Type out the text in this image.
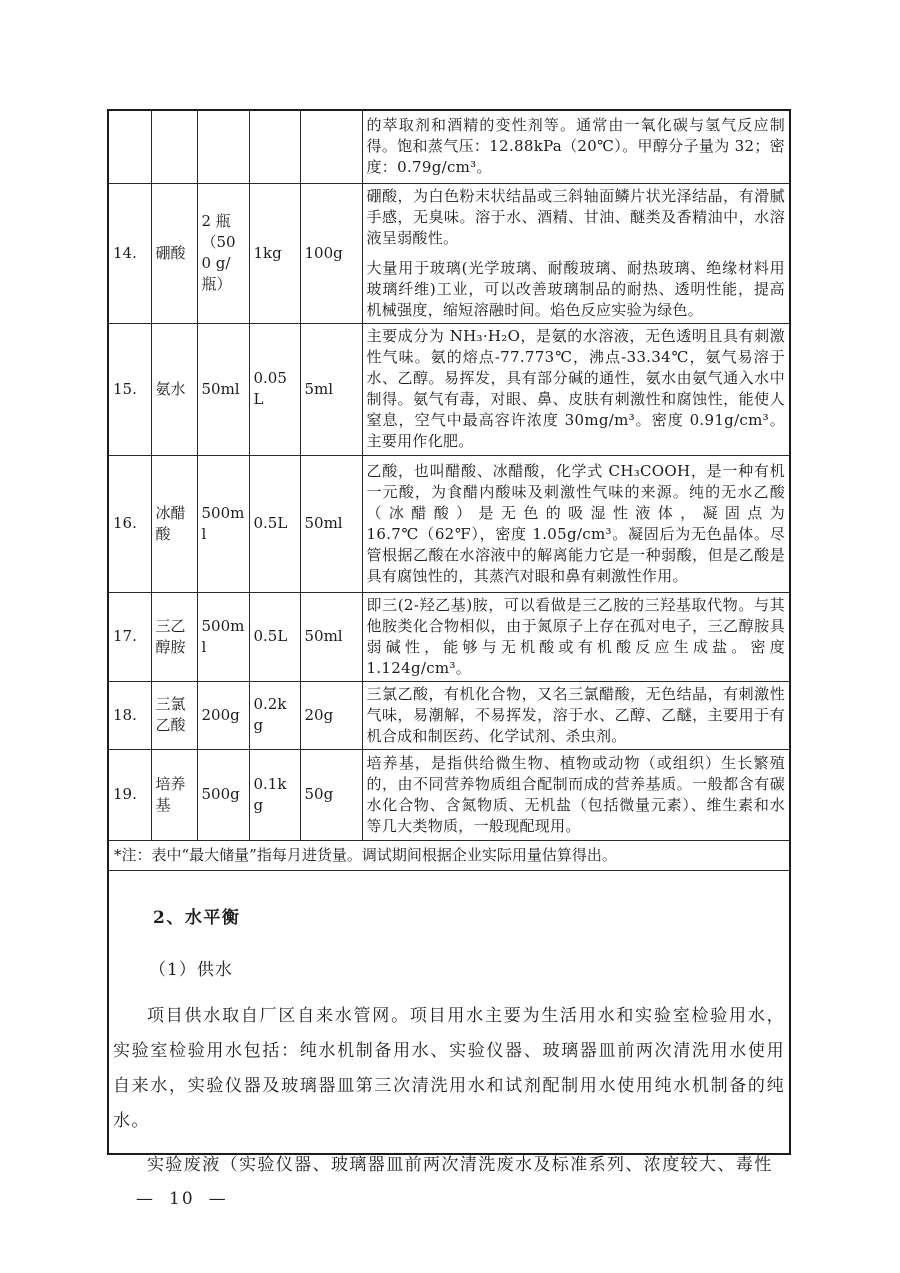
					的萃取剂和酒精的变性剂等。通常由一氧化碳与氢气反应制得。饱和蒸气压：12.88kPa（20℃）。甲醇分子量为 32；密度：0.79g/cm³。
14.	硼酸	2 瓶（500 g/瓶）	1kg	100g	硼酸，为白色粉末状结晶或三斜轴面鳞片状光泽结晶，有滑腻手感，无臭味。溶于水、酒精、甘油、醚类及香精油中，水溶液呈弱酸性。

大量用于玻璃(光学玻璃、耐酸玻璃、耐热玻璃、绝缘材料用玻璃纤维)工业，可以改善玻璃制品的耐热、透明性能，提高机械强度，缩短溶融时间。焰色反应实验为绿色。

15.	氨水	50ml	0.05L	5ml	主要成分为 NH₃·H₂O，是氨的水溶液，无色透明且具有刺激性气味。氨的熔点-77.773℃，沸点-33.34℃，氨气易溶于水、乙醇。易挥发，具有部分碱的通性，氨水由氨气通入水中制得。氨气有毒，对眼、鼻、皮肤有刺激性和腐蚀性，能使人窒息，空气中最高容许浓度 30mg/m³。密度 0.91g/cm³。主要用作化肥。
16.	冰醋酸	500ml	0.5L	50ml	乙酸，也叫醋酸、冰醋酸，化学式 CH₃COOH，是一种有机一元酸，为食醋内酸味及刺激性气味的来源。纯的无水乙酸（冰醋酸）是无色的吸湿性液体，凝固点为 16.7℃（62℉），密度 1.05g/cm³。凝固后为无色晶体。尽管根据乙酸在水溶液中的解离能力它是一种弱酸，但是乙酸是具有腐蚀性的，其蒸汽对眼和鼻有刺激性作用。
17.	三乙醇胺	500ml	0.5L	50ml	即三(2-羟乙基)胺，可以看做是三乙胺的三羟基取代物。与其他胺类化合物相似，由于氮原子上存在孤对电子，三乙醇胺具弱碱性，能够与无机酸或有机酸反应生成盐。密度 1.124g/cm³。
18.	三氯乙酸	200g	0.2kg	20g	三氯乙酸，有机化合物，又名三氯醋酸，无色结晶，有刺激性气味，易潮解，不易挥发，溶于水、乙醇、乙醚，主要用于有机合成和制医药、化学试剂、杀虫剂。
19.	培养基	500g	0.1kg	50g	培养基，是指供给微生物、植物或动物（或组织）生长繁殖的，由不同营养物质组合配制而成的营养基质。一般都含有碳水化合物、含氮物质、无机盐（包括微量元素）、维生素和水等几大类物质，一般现配现用。
*注：表中“最大储量”指每月进货量。调试期间根据企业实际用量估算得出。					
2、水平衡
（1）供水

项目供水取自厂区自来水管网。项目用水主要为生活用水和实验室检验用水，实验室检验用水包括：纯水机制备用水、实验仪器、玻璃器皿前两次清洗用水使用自来水，实验仪器及玻璃器皿第三次清洗用水和试剂配制用水使用纯水机制备的纯水。

实验废液（实验仪器、玻璃器皿前两次清洗废水及标准系列、浓度较大、毒性

— 10 —
